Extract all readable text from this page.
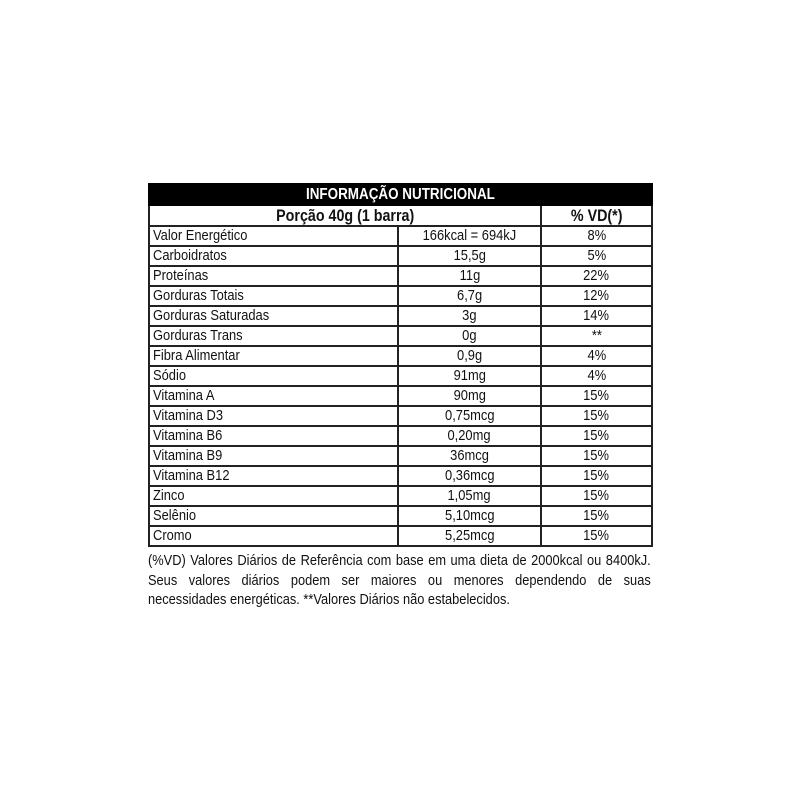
INFORMAÇÃO NUTRICIONAL		
Porção 40g (1 barra)		% VD(*)
Valor Energético	166kcal = 694kJ	8%
Carboidratos	15,5g	5%
Proteínas	11g	22%
Gorduras Totais	6,7g	12%
Gorduras Saturadas	3g	14%
Gorduras Trans	0g	**
Fibra Alimentar	0,9g	4%
Sódio	91mg	4%
Vitamina A	90mg	15%
Vitamina D3	0,75mcg	15%
Vitamina B6	0,20mg	15%
Vitamina B9	36mcg	15%
Vitamina B12	0,36mcg	15%
Zinco	1,05mg	15%
Selênio	5,10mcg	15%
Cromo	5,25mcg	15%
(%VD) Valores Diários de Referência com base em uma dieta de 2000kcal ou 8400kJ. Seus valores diários podem ser maiores ou menores dependendo de suas necessidades energéticas. **Valores Diários não estabelecidos.
